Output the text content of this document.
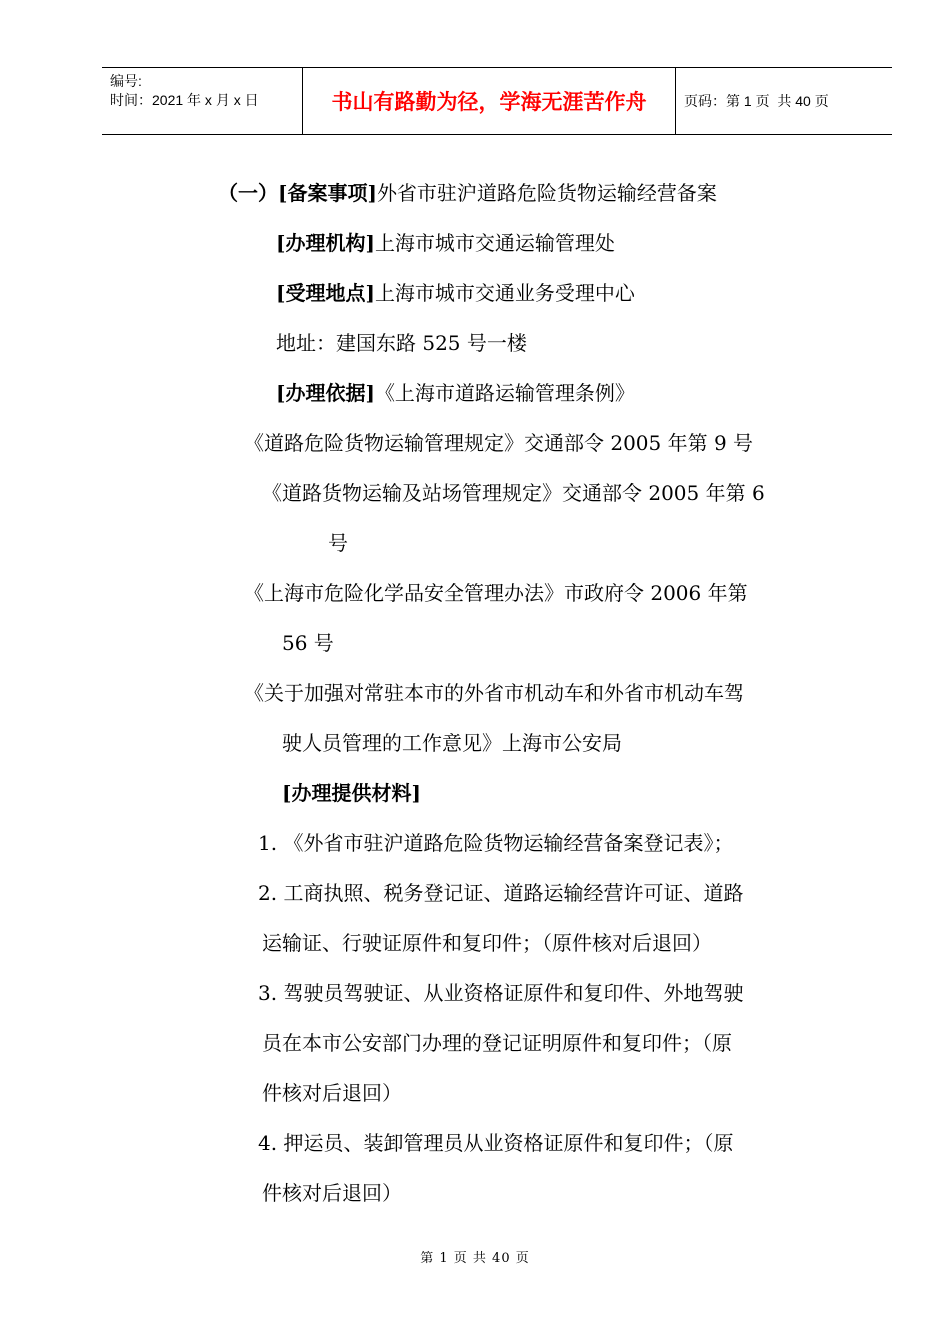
编号:
时间：2021 年 x 月 x 日	书山有路勤为径，学海无涯苦作舟	页码：第 1 页  共 40 页
（一）[备案事项]外省市驻沪道路危险货物运输经营备案
[办理机构]上海市城市交通运输管理处
[受理地点]上海市城市交通业务受理中心
地址：建国东路 525 号一楼
[办理依据]《上海市道路运输管理条例》
《道路危险货物运输管理规定》交通部令 2005 年第 9 号
《道路货物运输及站场管理规定》交通部令 2005 年第 6
号
《上海市危险化学品安全管理办法》市政府令 2006 年第
56 号
《关于加强对常驻本市的外省市机动车和外省市机动车驾
驶人员管理的工作意见》上海市公安局
[办理提供材料]
1. 《外省市驻沪道路危险货物运输经营备案登记表》；
2. 工商执照、税务登记证、道路运输经营许可证、道路
运输证、行驶证原件和复印件；（原件核对后退回）
3. 驾驶员驾驶证、从业资格证原件和复印件、外地驾驶
员在本市公安部门办理的登记证明原件和复印件；（原
件核对后退回）
4. 押运员、装卸管理员从业资格证原件和复印件；（原
件核对后退回）
第 1 页 共 40 页
